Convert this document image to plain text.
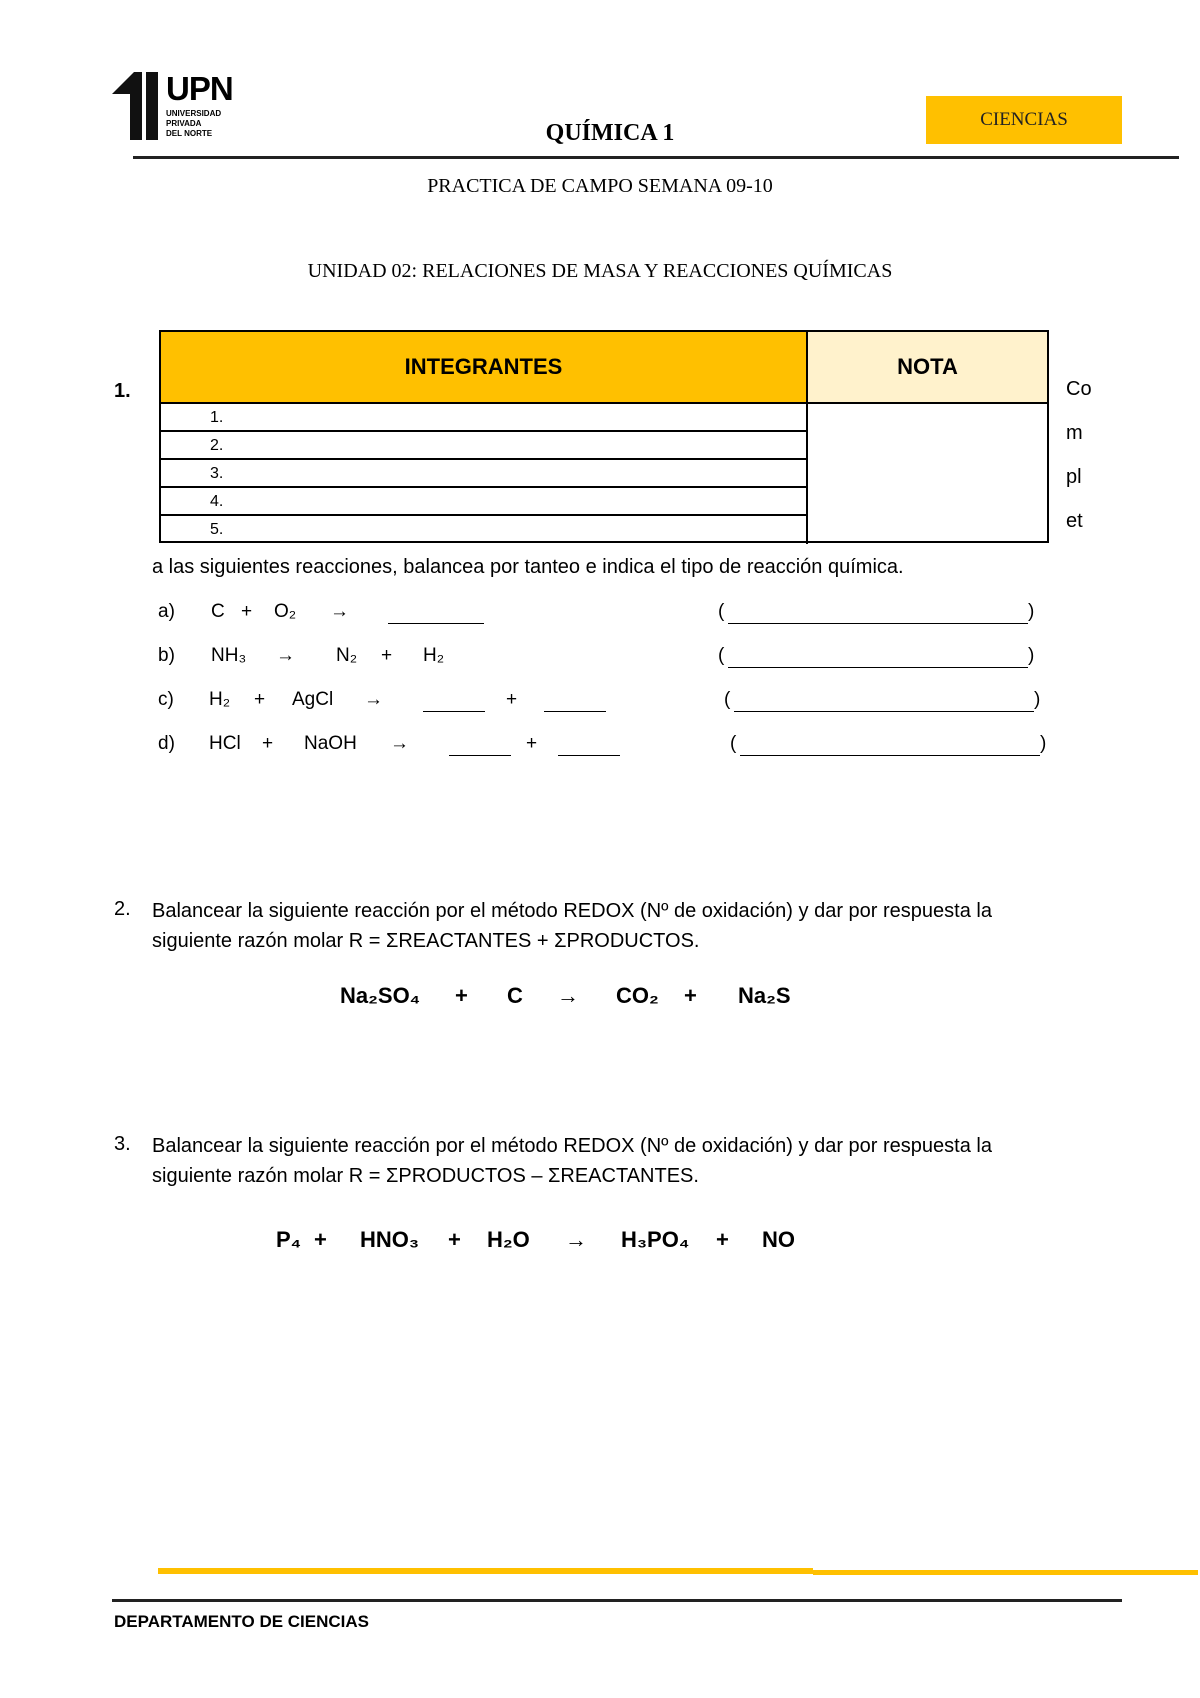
UPN
UNIVERSIDAD
PRIVADA
DEL NORTE	QUÍMICA 1
CIENCIAS
PRACTICA DE CAMPO SEMANA 09-10
UNIDAD 02: RELACIONES DE MASA Y REACCIONES QUÍMICAS
1.
INTEGRANTES	NOTA
1.
2.
3.
4.
5.
Co
m
pl
et
a las siguientes reacciones, balancea por tanteo e indica el tipo de reacción química.
a) C + O₂ →	(	)
b) NH₃ → N₂ + H₂	(	)
c) H₂ + AgCl →	+	(	)
d) HCl + NaOH →	+	(	)
2. Balancear la siguiente reacción por el método REDOX (Nº de oxidación) y dar por respuesta la
siguiente razón molar R = ΣREACTANTES + ΣPRODUCTOS.
Na₂SO₄ + C → CO₂ + Na₂S
3. Balancear la siguiente reacción por el método REDOX (Nº de oxidación) y dar por respuesta la
siguiente razón molar R = ΣPRODUCTOS – ΣREACTANTES.
P₄ + HNO₃ + H₂O → H₃PO₄ + NO
DEPARTAMENTO DE CIENCIAS
